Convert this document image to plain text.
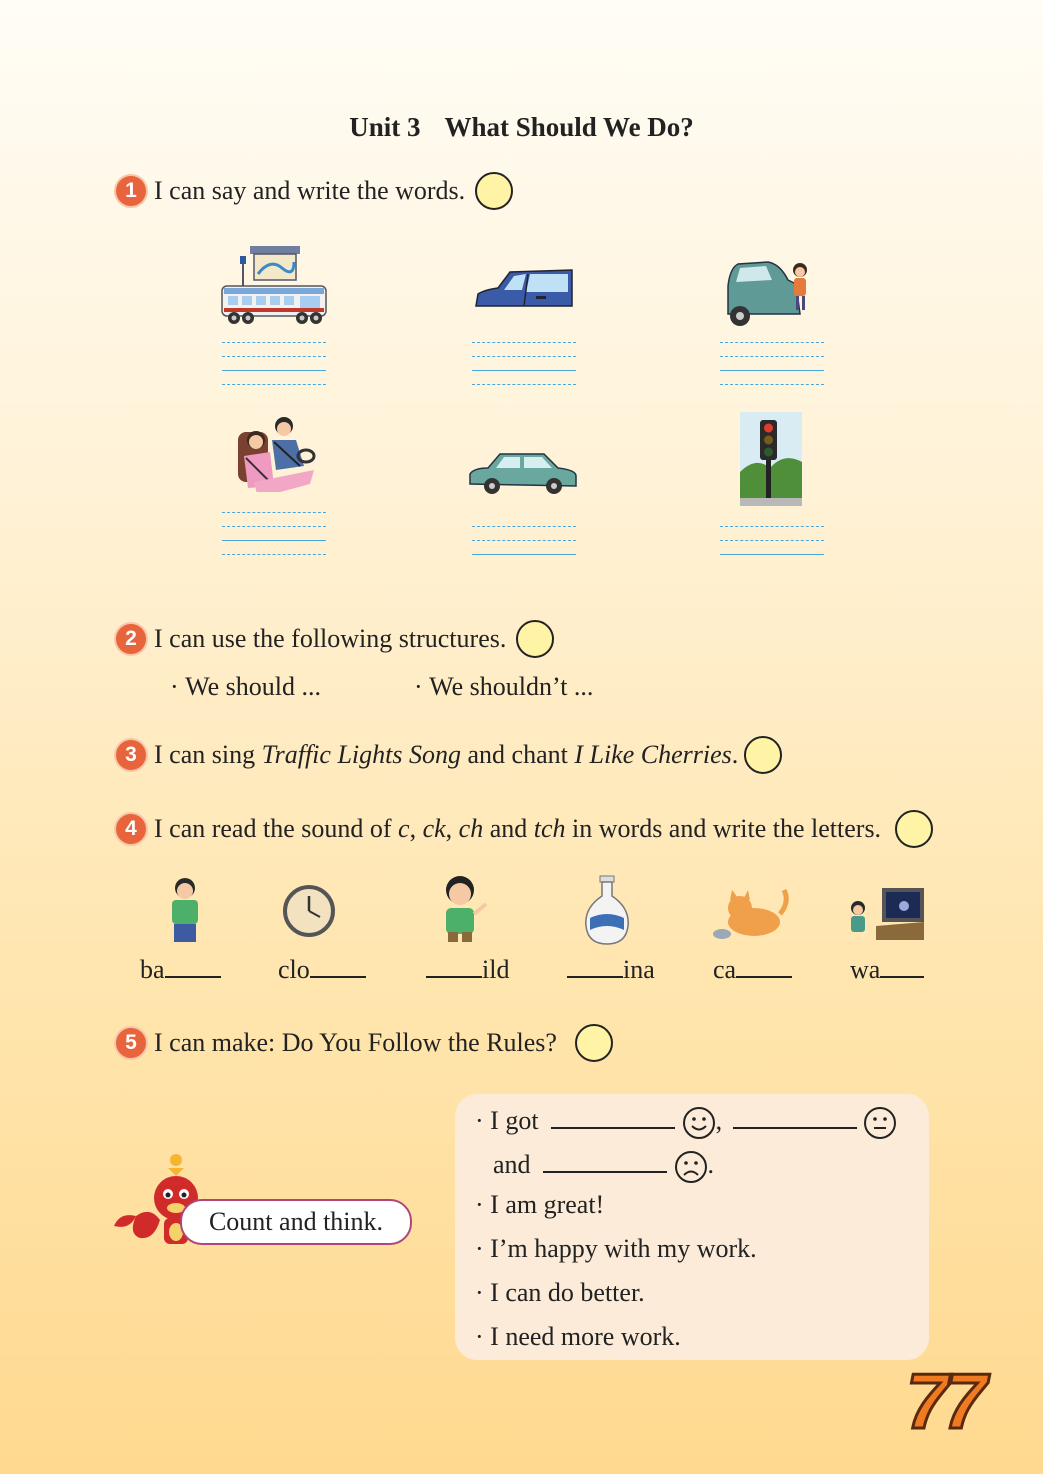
Unit 3 What Should We Do?
1 I can say and write the words.
2 I can use the following structures.
· We should ...	· We shouldn’t ...
3 I can sing Traffic Lights Song and chant I Like Cherries.
4 I can read the sound of c, ck, ch and tch in words and write the letters.
ba	clo	ild	ina ca	wa
5 I can make: Do You Follow the Rules?
Count and think.
· I got	,
and	.
· I am great!
· I’m happy with my work.
· I can do better.
· I need more work.
77
